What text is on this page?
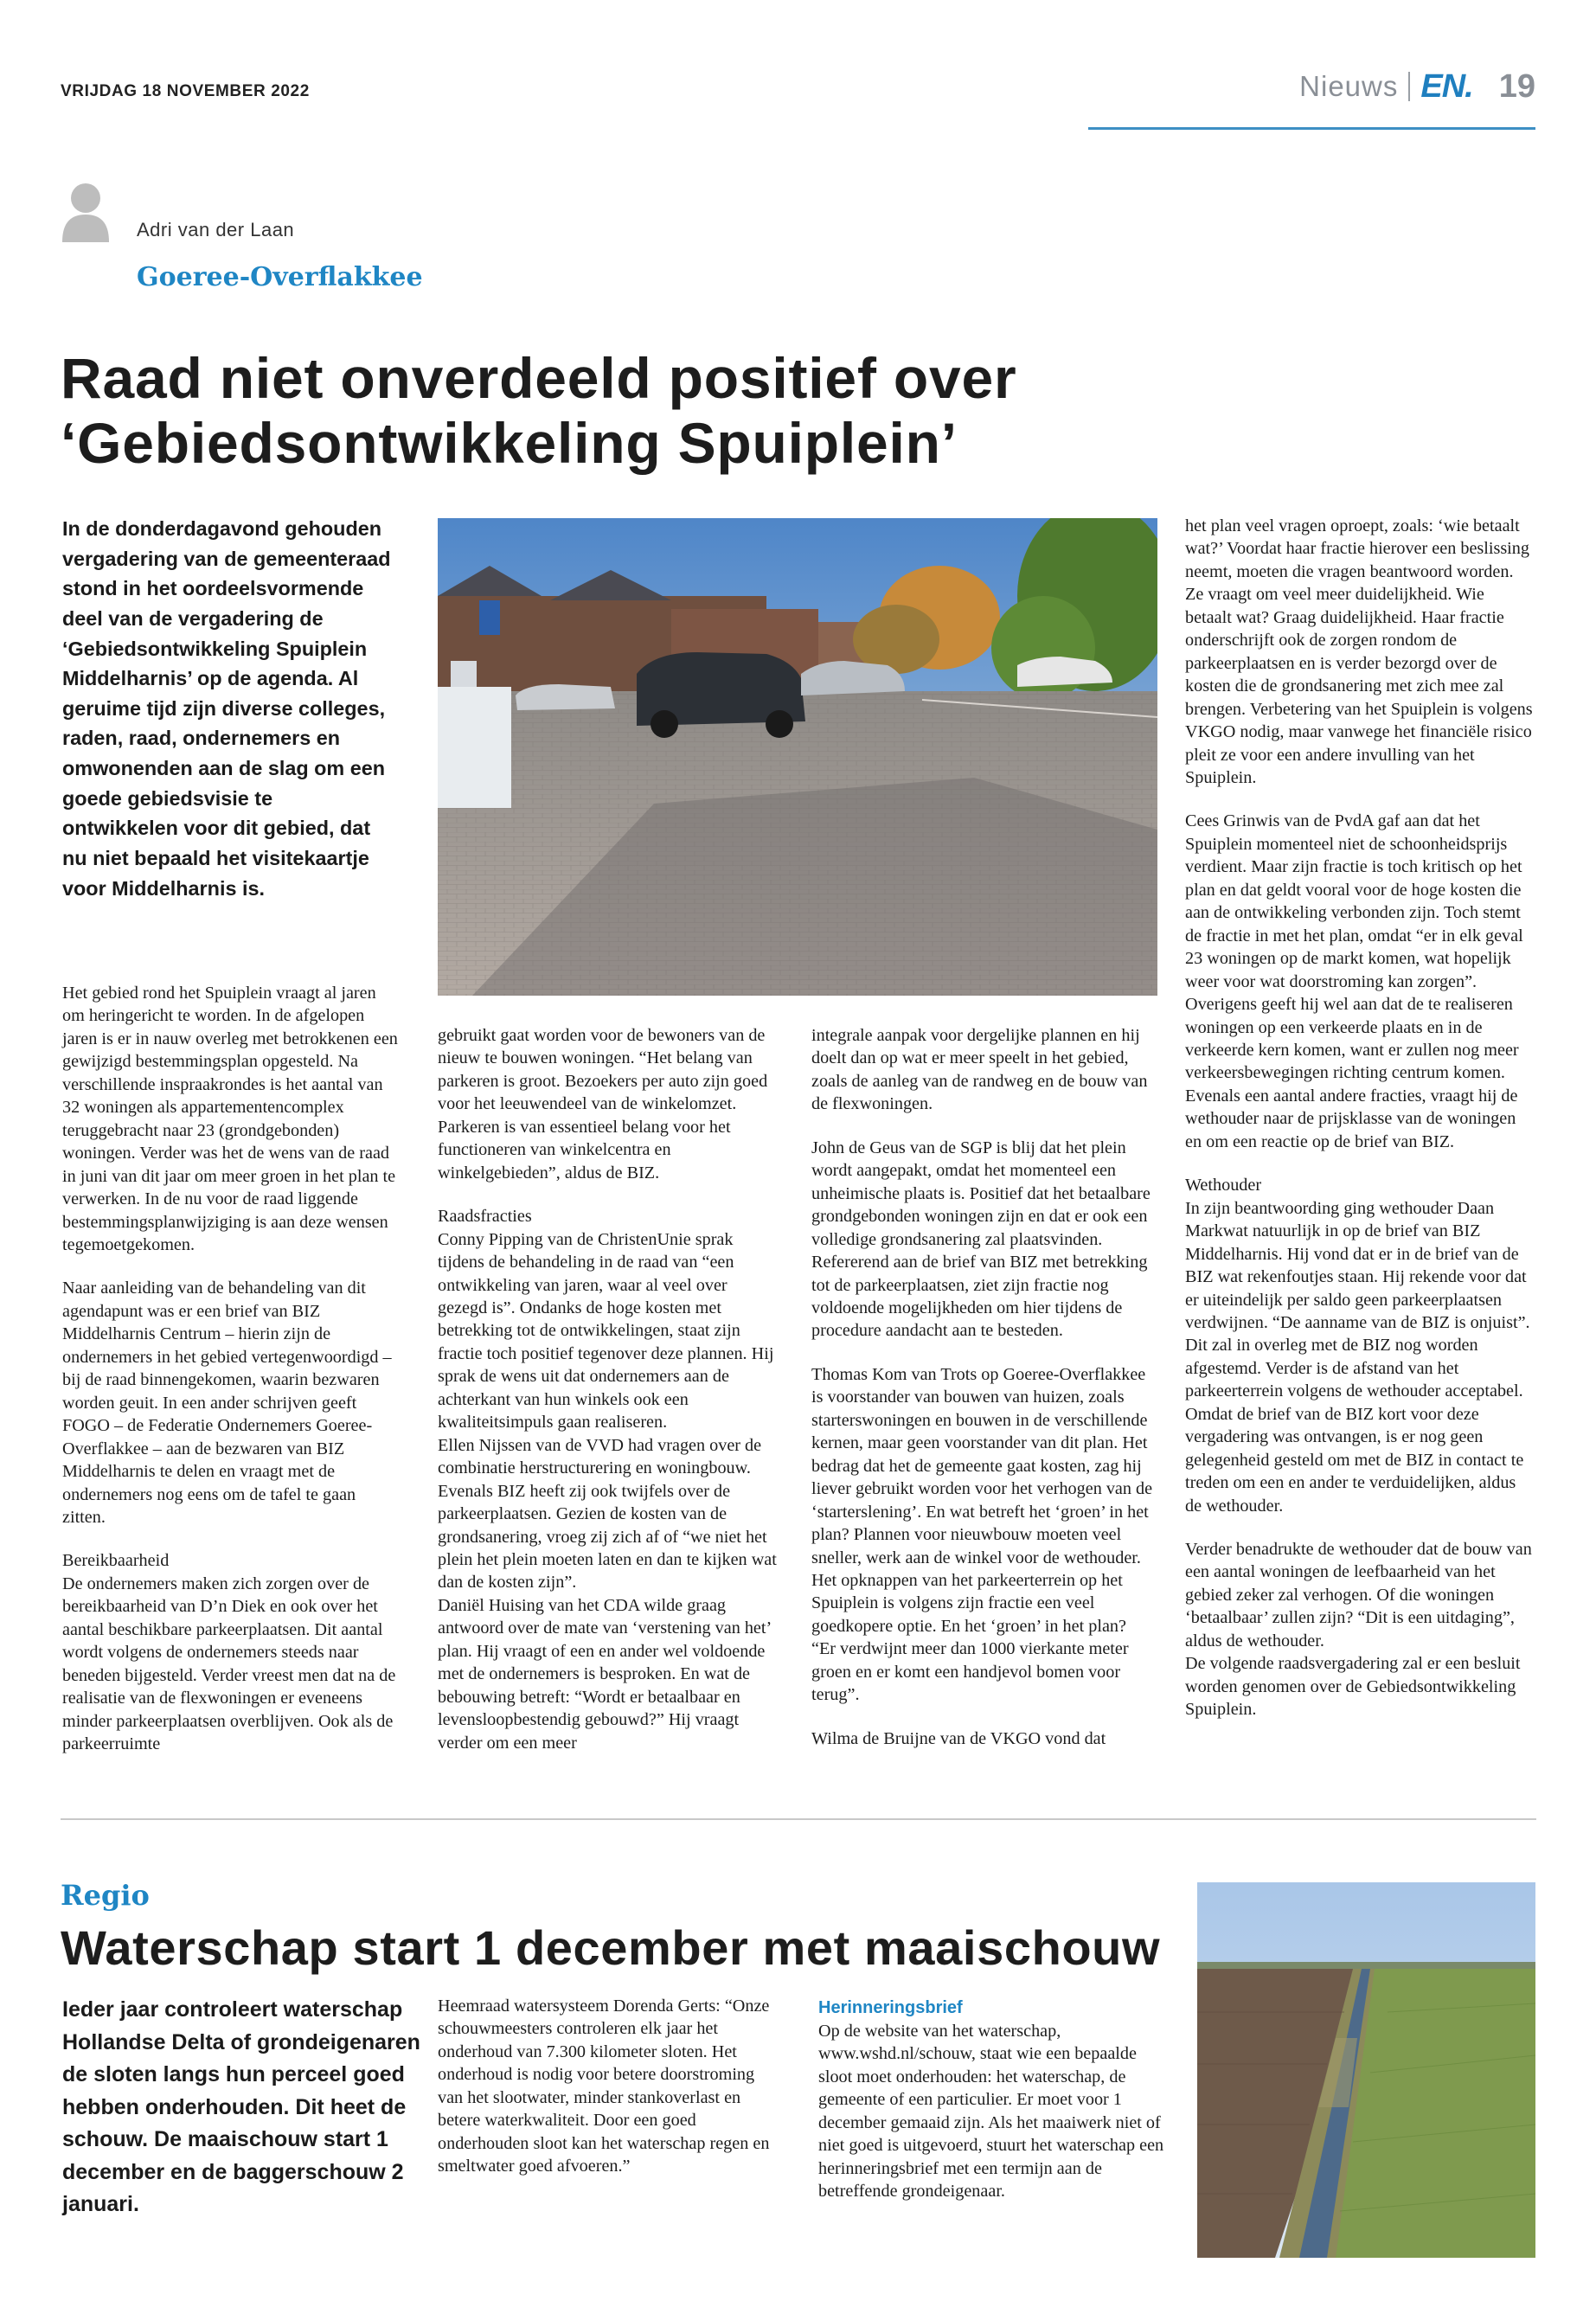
VRIJDAG 18 NOVEMBER 2022	Nieuws EN. 19
Adri van der Laan
Goeree-Overflakkee
Raad niet onverdeeld positief over
‘Gebiedsontwikkeling Spuiplein’

In de donderdagavond gehouden vergadering van de gemeenteraad stond in het oordeelsvormende deel van de vergadering de ‘Gebiedsontwikkeling Spuiplein Middelharnis’ op de agenda. Al geruime tijd zijn diverse colleges, raden, raad, ondernemers en omwonenden aan de slag om een goede gebiedsvisie te ontwikkelen voor dit gebied, dat nu niet bepaald het visitekaartje voor Middelharnis is.

Het gebied rond het Spuiplein vraagt al jaren om heringericht te worden. In de afgelopen jaren is er in nauw overleg met betrokkenen een gewijzigd bestemmingsplan opgesteld. Na verschillende inspraakrondes is het aantal van 32 woningen als appartementencomplex teruggebracht naar 23 (grondgebonden) woningen. Verder was het de wens van de raad in juni van dit jaar om meer groen in het plan te verwerken. In de nu voor de raad liggende bestemmingsplanwijziging is aan deze wensen tegemoetgekomen.

Naar aanleiding van de behandeling van dit agendapunt was er een brief van BIZ Middelharnis Centrum – hierin zijn de ondernemers in het gebied vertegenwoordigd – bij de raad binnengekomen, waarin bezwaren worden geuit. In een ander schrijven geeft FOGO – de Federatie Ondernemers Goeree-Overflakkee – aan de bezwaren van BIZ Middelharnis te delen en vraagt met de ondernemers nog eens om de tafel te gaan zitten.

Bereikbaarheid
De ondernemers maken zich zorgen over de bereikbaarheid van D’n Diek en ook over het aantal beschikbare parkeerplaatsen. Dit aantal wordt volgens de ondernemers steeds naar beneden bijgesteld. Verder vreest men dat na de realisatie van de flexwoningen er eveneens minder parkeerplaatsen overblijven. Ook als de parkeerruimte

gebruikt gaat worden voor de bewoners van de nieuw te bouwen woningen. “Het belang van parkeren is groot. Bezoekers per auto zijn goed voor het leeuwendeel van de winkelomzet. Parkeren is van essentieel belang voor het functioneren van winkelcentra en winkelgebieden”, aldus de BIZ.

Raadsfracties
Conny Pipping van de ChristenUnie sprak tijdens de behandeling in de raad van “een ontwikkeling van jaren, waar al veel over gezegd is”. Ondanks de hoge kosten met betrekking tot de ontwikkelingen, staat zijn fractie toch positief tegenover deze plannen. Hij sprak de wens uit dat ondernemers aan de achterkant van hun winkels ook een kwaliteitsimpuls gaan realiseren.
Ellen Nijssen van de VVD had vragen over de combinatie herstructurering en woningbouw. Evenals BIZ heeft zij ook twijfels over de parkeerplaatsen. Gezien de kosten van de grondsanering, vroeg zij zich af of “we niet het plein het plein moeten laten en dan te kijken wat dan de kosten zijn”.
Daniël Huising van het CDA wilde graag antwoord over de mate van ‘verstening van het’ plan. Hij vraagt of een en ander wel voldoende met de ondernemers is besproken. En wat de bebouwing betreft: “Wordt er betaalbaar en levensloopbestendig gebouwd?” Hij vraagt verder om een meer

integrale aanpak voor dergelijke plannen en hij doelt dan op wat er meer speelt in het gebied, zoals de aanleg van de randweg en de bouw van de flexwoningen.

John de Geus van de SGP is blij dat het plein wordt aangepakt, omdat het momenteel een unheimische plaats is. Positief dat het betaalbare grondgebonden woningen zijn en dat er ook een volledige grondsanering zal plaatsvinden. Refererend aan de brief van BIZ met betrekking tot de parkeerplaatsen, ziet zijn fractie nog voldoende mogelijkheden om hier tijdens de procedure aandacht aan te besteden.

Thomas Kom van Trots op Goeree-Overflakkee is voorstander van bouwen van huizen, zoals starterswoningen en bouwen in de verschillende kernen, maar geen voorstander van dit plan. Het bedrag dat het de gemeente gaat kosten, zag hij liever gebruikt worden voor het verhogen van de ‘starterslening’. En wat betreft het ‘groen’ in het plan? Plannen voor nieuwbouw moeten veel sneller, werk aan de winkel voor de wethouder. Het opknappen van het parkeerterrein op het Spuiplein is volgens zijn fractie een veel goedkopere optie. En het ‘groen’ in het plan? “Er verdwijnt meer dan 1000 vierkante meter groen en er komt een handjevol bomen voor terug”.

Wilma de Bruijne van de VKGO vond dat

het plan veel vragen oproept, zoals: ‘wie betaalt wat?’ Voordat haar fractie hierover een beslissing neemt, moeten die vragen beantwoord worden. Ze vraagt om veel meer duidelijkheid. Wie betaalt wat? Graag duidelijkheid. Haar fractie onderschrijft ook de zorgen rondom de parkeerplaatsen en is verder bezorgd over de kosten die de grondsanering met zich mee zal brengen. Verbetering van het Spuiplein is volgens VKGO nodig, maar vanwege het financiële risico pleit ze voor een andere invulling van het Spuiplein.

Cees Grinwis van de PvdA gaf aan dat het Spuiplein momenteel niet de schoonheidsprijs verdient. Maar zijn fractie is toch kritisch op het plan en dat geldt vooral voor de hoge kosten die aan de ontwikkeling verbonden zijn. Toch stemt de fractie in met het plan, omdat “er in elk geval 23 woningen op de markt komen, wat hopelijk weer voor wat doorstroming kan zorgen”. Overigens geeft hij wel aan dat de te realiseren woningen op een verkeerde plaats en in de verkeerde kern komen, want er zullen nog meer verkeersbewegingen richting centrum komen. Evenals een aantal andere fracties, vraagt hij de wethouder naar de prijsklasse van de woningen en om een reactie op de brief van BIZ.

Wethouder
In zijn beantwoording ging wethouder Daan Markwat natuurlijk in op de brief van BIZ Middelharnis. Hij vond dat er in de brief van de BIZ wat rekenfoutjes staan. Hij rekende voor dat er uiteindelijk per saldo geen parkeerplaatsen verdwijnen. “De aanname van de BIZ is onjuist”. Dit zal in overleg met de BIZ nog worden afgestemd. Verder is de afstand van het parkeerterrein volgens de wethouder acceptabel. Omdat de brief van de BIZ kort voor deze vergadering was ontvangen, is er nog geen gelegenheid gesteld om met de BIZ in contact te treden om een en ander te verduidelijken, aldus de wethouder.

Verder benadrukte de wethouder dat de bouw van een aantal woningen de leefbaarheid van het gebied zeker zal verhogen. Of die woningen ‘betaalbaar’ zullen zijn? “Dit is een uitdaging”, aldus de wethouder.
De volgende raadsvergadering zal er een besluit worden genomen over de Gebiedsontwikkeling Spuiplein.

Regio
Waterschap start 1 december met maaischouw

Ieder jaar controleert waterschap Hollandse Delta of grondeigenaren de sloten langs hun perceel goed hebben onderhouden. Dit heet de schouw. De maaischouw start 1 december en de baggerschouw 2 januari.

Heemraad watersysteem Dorenda Gerts: “Onze schouwmeesters controleren elk jaar het onderhoud van 7.300 kilometer sloten. Het onderhoud is nodig voor betere doorstroming van het slootwater, minder stankoverlast en betere waterkwaliteit. Door een goed onderhouden sloot kan het waterschap regen en smeltwater goed afvoeren.”

Herinneringsbrief

Op de website van het waterschap, www.wshd.nl/schouw, staat wie een bepaalde sloot moet onderhouden: het waterschap, de gemeente of een particulier. Er moet voor 1 december gemaaid zijn. Als het maaiwerk niet of niet goed is uitgevoerd, stuurt het waterschap een herinneringsbrief met een termijn aan de betreffende grondeigenaar.
